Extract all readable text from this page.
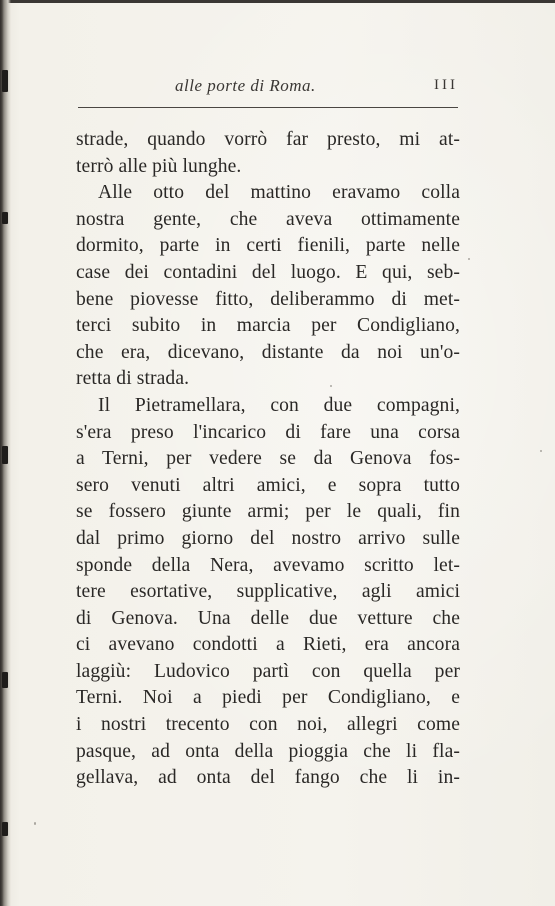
alle porte di Roma.	III
strade, quando vorrò far presto, mi at-
terrò alle più lunghe.
Alle otto del mattino eravamo colla
nostra gente, che aveva ottimamente
dormito, parte in certi fienili, parte nelle
case dei contadini del luogo. E qui, seb-
bene piovesse fitto, deliberammo di met-
terci subito in marcia per Condigliano,
che era, dicevano, distante da noi un'o-
retta di strada.
Il Pietramellara, con due compagni,
s'era preso l'incarico di fare una corsa
a Terni, per vedere se da Genova fos-
sero venuti altri amici, e sopra tutto
se fossero giunte armi; per le quali, fin
dal primo giorno del nostro arrivo sulle
sponde della Nera, avevamo scritto let-
tere esortative, supplicative, agli amici
di Genova. Una delle due vetture che
ci avevano condotti a Rieti, era ancora
laggiù: Ludovico partì con quella per
Terni. Noi a piedi per Condigliano, e
i nostri trecento con noi, allegri come
pasque, ad onta della pioggia che li fla-
gellava, ad onta del fango che li in-
